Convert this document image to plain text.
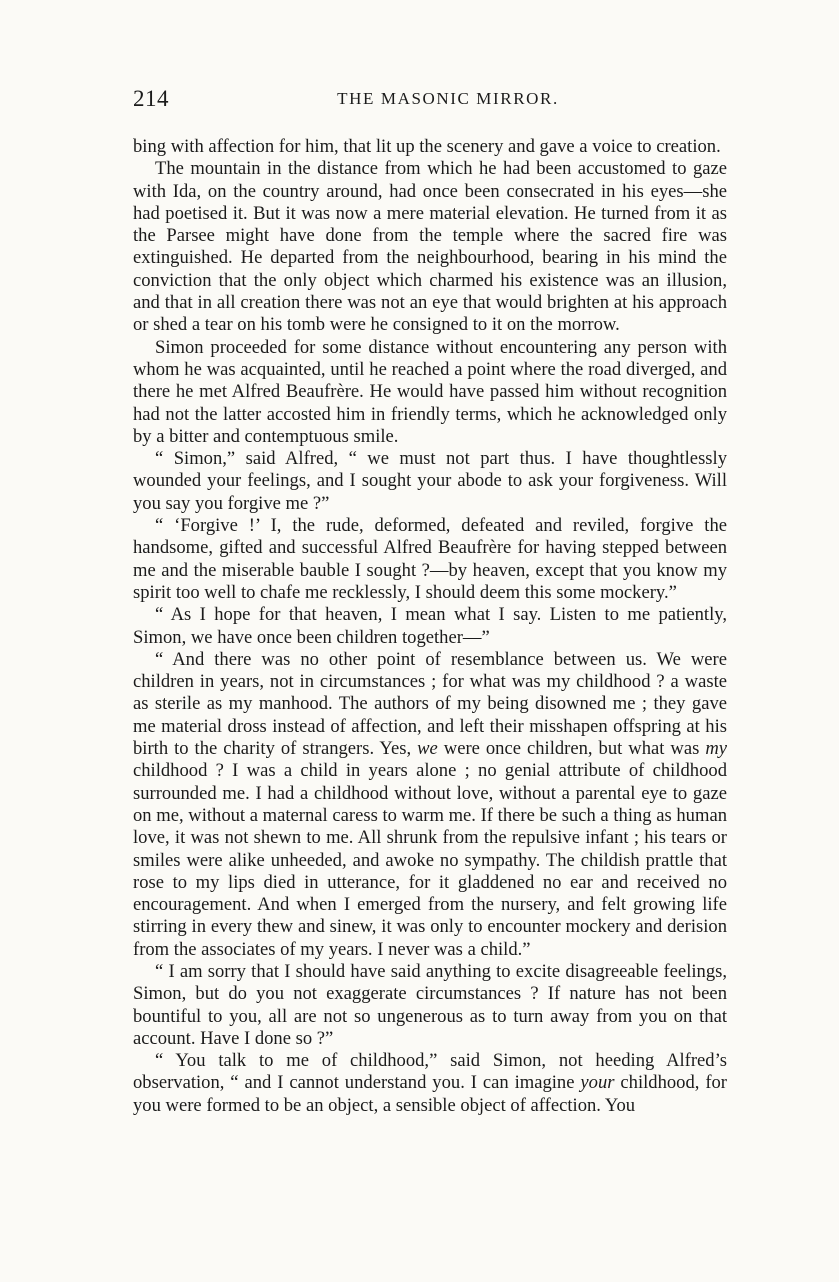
214	THE MASONIC MIRROR.

bing with affection for him, that lit up the scenery and gave a voice to creation.

The mountain in the distance from which he had been accustomed to gaze with Ida, on the country around, had once been consecrated in his eyes—she had poetised it. But it was now a mere material elevation. He turned from it as the Parsee might have done from the temple where the sacred fire was extinguished. He departed from the neighbourhood, bearing in his mind the conviction that the only object which charmed his existence was an illusion, and that in all creation there was not an eye that would brighten at his approach or shed a tear on his tomb were he consigned to it on the morrow.

Simon proceeded for some distance without encountering any person with whom he was acquainted, until he reached a point where the road diverged, and there he met Alfred Beaufrère. He would have passed him without recognition had not the latter accosted him in friendly terms, which he acknowledged only by a bitter and contemptuous smile.

“ Simon,” said Alfred, “ we must not part thus. I have thoughtlessly wounded your feelings, and I sought your abode to ask your forgiveness. Will you say you forgive me ?”

“ ‘Forgive !’ I, the rude, deformed, defeated and reviled, forgive the handsome, gifted and successful Alfred Beaufrère for having stepped between me and the miserable bauble I sought ?—by heaven, except that you know my spirit too well to chafe me recklessly, I should deem this some mockery.”

“ As I hope for that heaven, I mean what I say. Listen to me patiently, Simon, we have once been children together—”

“ And there was no other point of resemblance between us. We were children in years, not in circumstances ; for what was my childhood ? a waste as sterile as my manhood. The authors of my being disowned me ; they gave me material dross instead of affection, and left their misshapen offspring at his birth to the charity of strangers. Yes, we were once children, but what was my childhood ? I was a child in years alone ; no genial attribute of childhood surrounded me. I had a childhood without love, without a parental eye to gaze on me, without a maternal caress to warm me. If there be such a thing as human love, it was not shewn to me. All shrunk from the repulsive infant ; his tears or smiles were alike unheeded, and awoke no sympathy. The childish prattle that rose to my lips died in utterance, for it gladdened no ear and received no encouragement. And when I emerged from the nursery, and felt growing life stirring in every thew and sinew, it was only to encounter mockery and derision from the associates of my years. I never was a child.”

“ I am sorry that I should have said anything to excite disagreeable feelings, Simon, but do you not exaggerate circumstances ? If nature has not been bountiful to you, all are not so ungenerous as to turn away from you on that account. Have I done so ?”

“ You talk to me of childhood,” said Simon, not heeding Alfred’s observation, “ and I cannot understand you. I can imagine your childhood, for you were formed to be an object, a sensible object of affection. You
